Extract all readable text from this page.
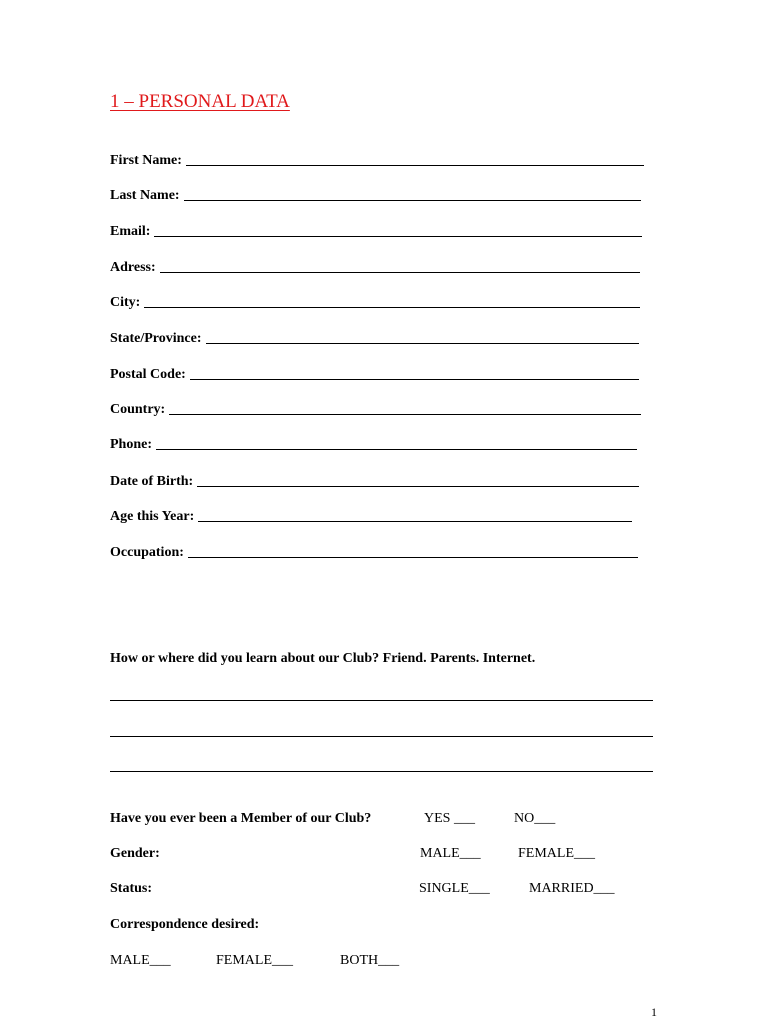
1 – PERSONAL DATA
First Name:
Last Name:
Email:
Adress:
City:
State/Province:
Postal Code:
Country:
Phone:
Date of Birth:
Age this Year:
Occupation:
How or where did you learn about our Club? Friend. Parents. Internet.
Have you ever been a Member of our Club?	YES ___	NO___
Gender:	MALE___	FEMALE___
Status:	SINGLE___	MARRIED___
Correspondence desired:
MALE___	FEMALE___	BOTH___
1
